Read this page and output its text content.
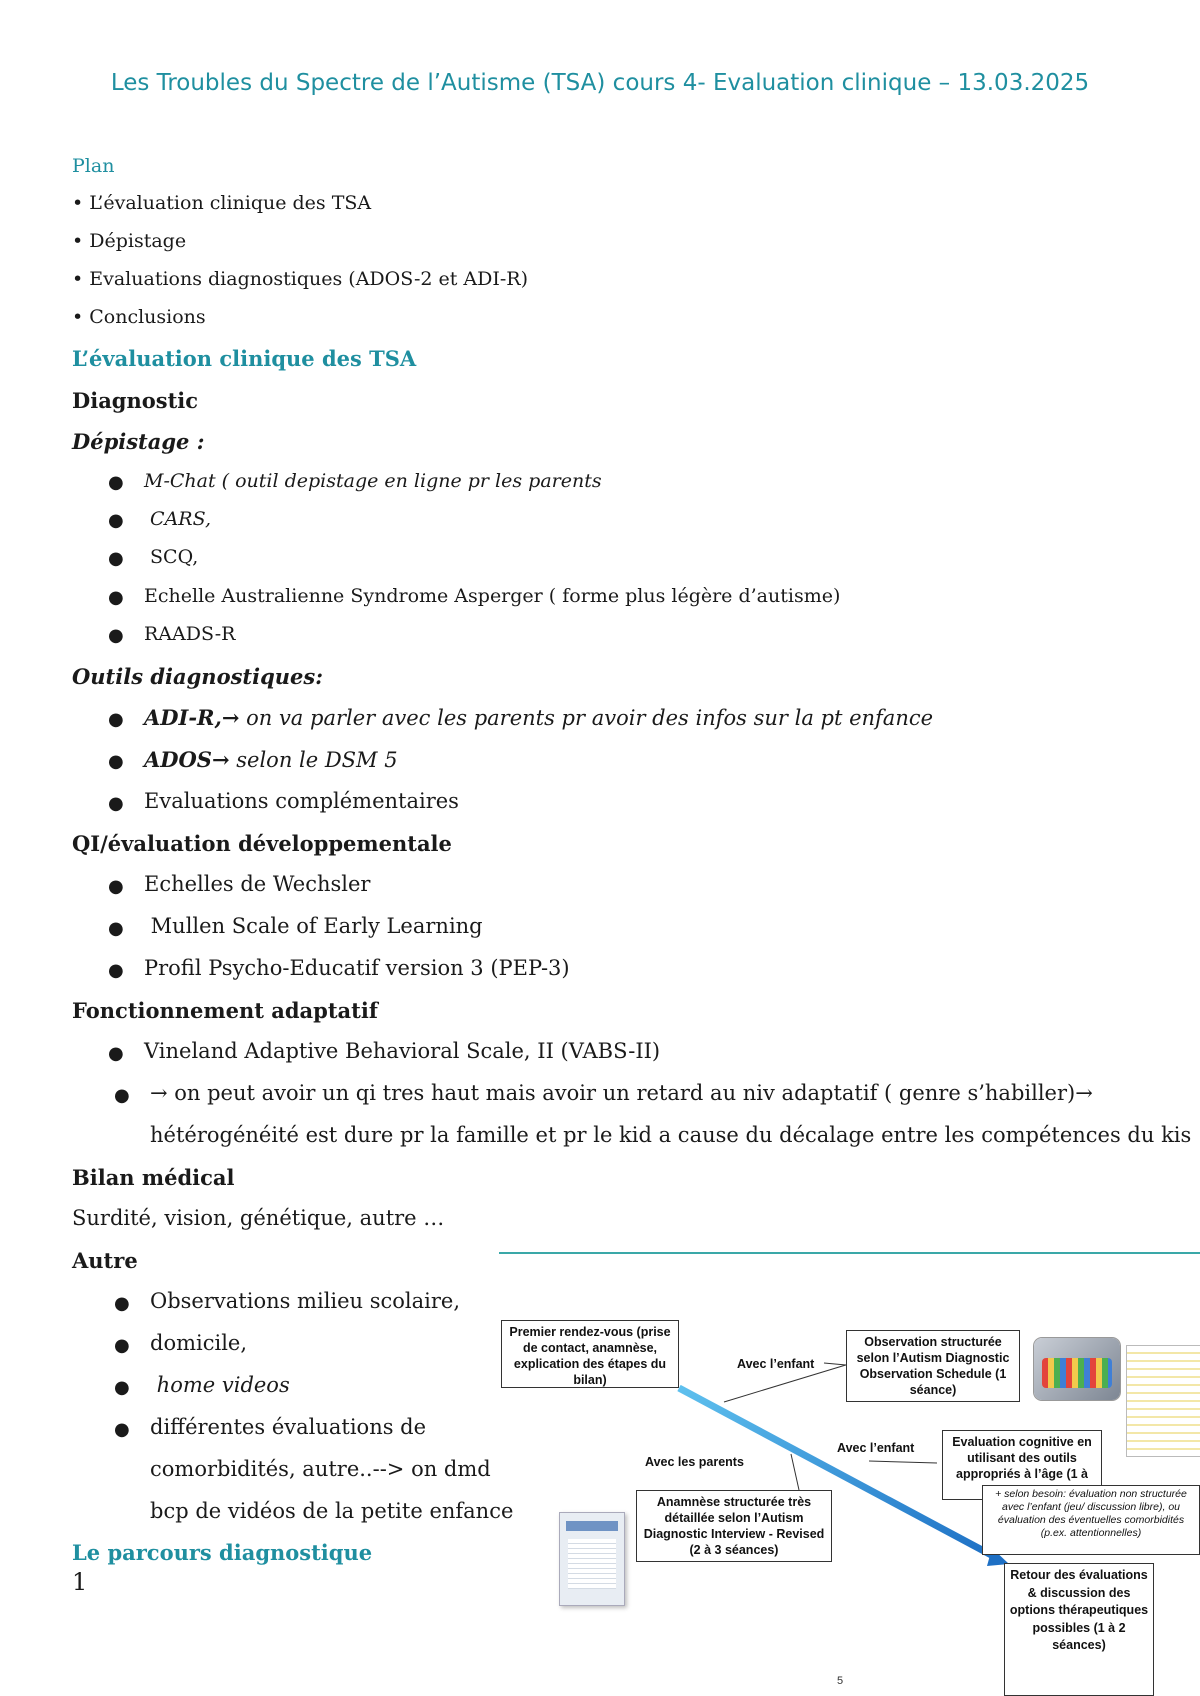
Les Troubles du Spectre de l’Autisme (TSA) cours 4- Evaluation clinique – 13.03.2025
Plan
• L’évaluation clinique des TSA
• Dépistage
• Evaluations diagnostiques (ADOS-2 et ADI-R)
• Conclusions
L’évaluation clinique des TSA
Diagnostic
Dépistage :
● M-Chat ( outil depistage en ligne pr les parents
● CARS,
● SCQ,
● Echelle Australienne Syndrome Asperger ( forme plus légère d’autisme)
● RAADS-R
Outils diagnostiques:
● ADI-R,→ on va parler avec les parents pr avoir des infos sur la pt enfance
● ADOS→ selon le DSM 5
● Evaluations complémentaires
QI/évaluation développementale
● Echelles de Wechsler
● Mullen Scale of Early Learning
● Profil Psycho-Educatif version 3 (PEP-3)
Fonctionnement adaptatif
● Vineland Adaptive Behavioral Scale, II (VABS-II)
● → on peut avoir un qi tres haut mais avoir un retard au niv adaptatif ( genre s’habiller)→
hétérogénéité est dure pr la famille et pr le kid a cause du décalage entre les compétences du kis
Bilan médical
Surdité, vision, génétique, autre …
Autre
● Observations milieu scolaire,
● domicile,
● home videos
● différentes évaluations de
comorbidités, autre..--> on dmd
bcp de vidéos de la petite enfance
Le parcours diagnostique
1
Premier rendez-vous (prise de contact, anamnèse, explication des étapes du bilan)
Observation structurée selon l’Autism Diagnostic Observation Schedule (1 séance)
Evaluation cognitive en utilisant des outils appropriés à l’âge (1 à
+ selon besoin: évaluation non structurée avec l’enfant (jeu/ discussion libre), ou évaluation des éventuelles comorbidités (p.ex. attentionnelles)
Avec l’enfant
Avec l’enfant
Avec les parents
Anamnèse structurée très détaillée selon l’Autism Diagnostic Interview - Revised (2 à 3 séances)
Retour des évaluations & discussion des options thérapeutiques possibles (1 à 2 séances)
5
